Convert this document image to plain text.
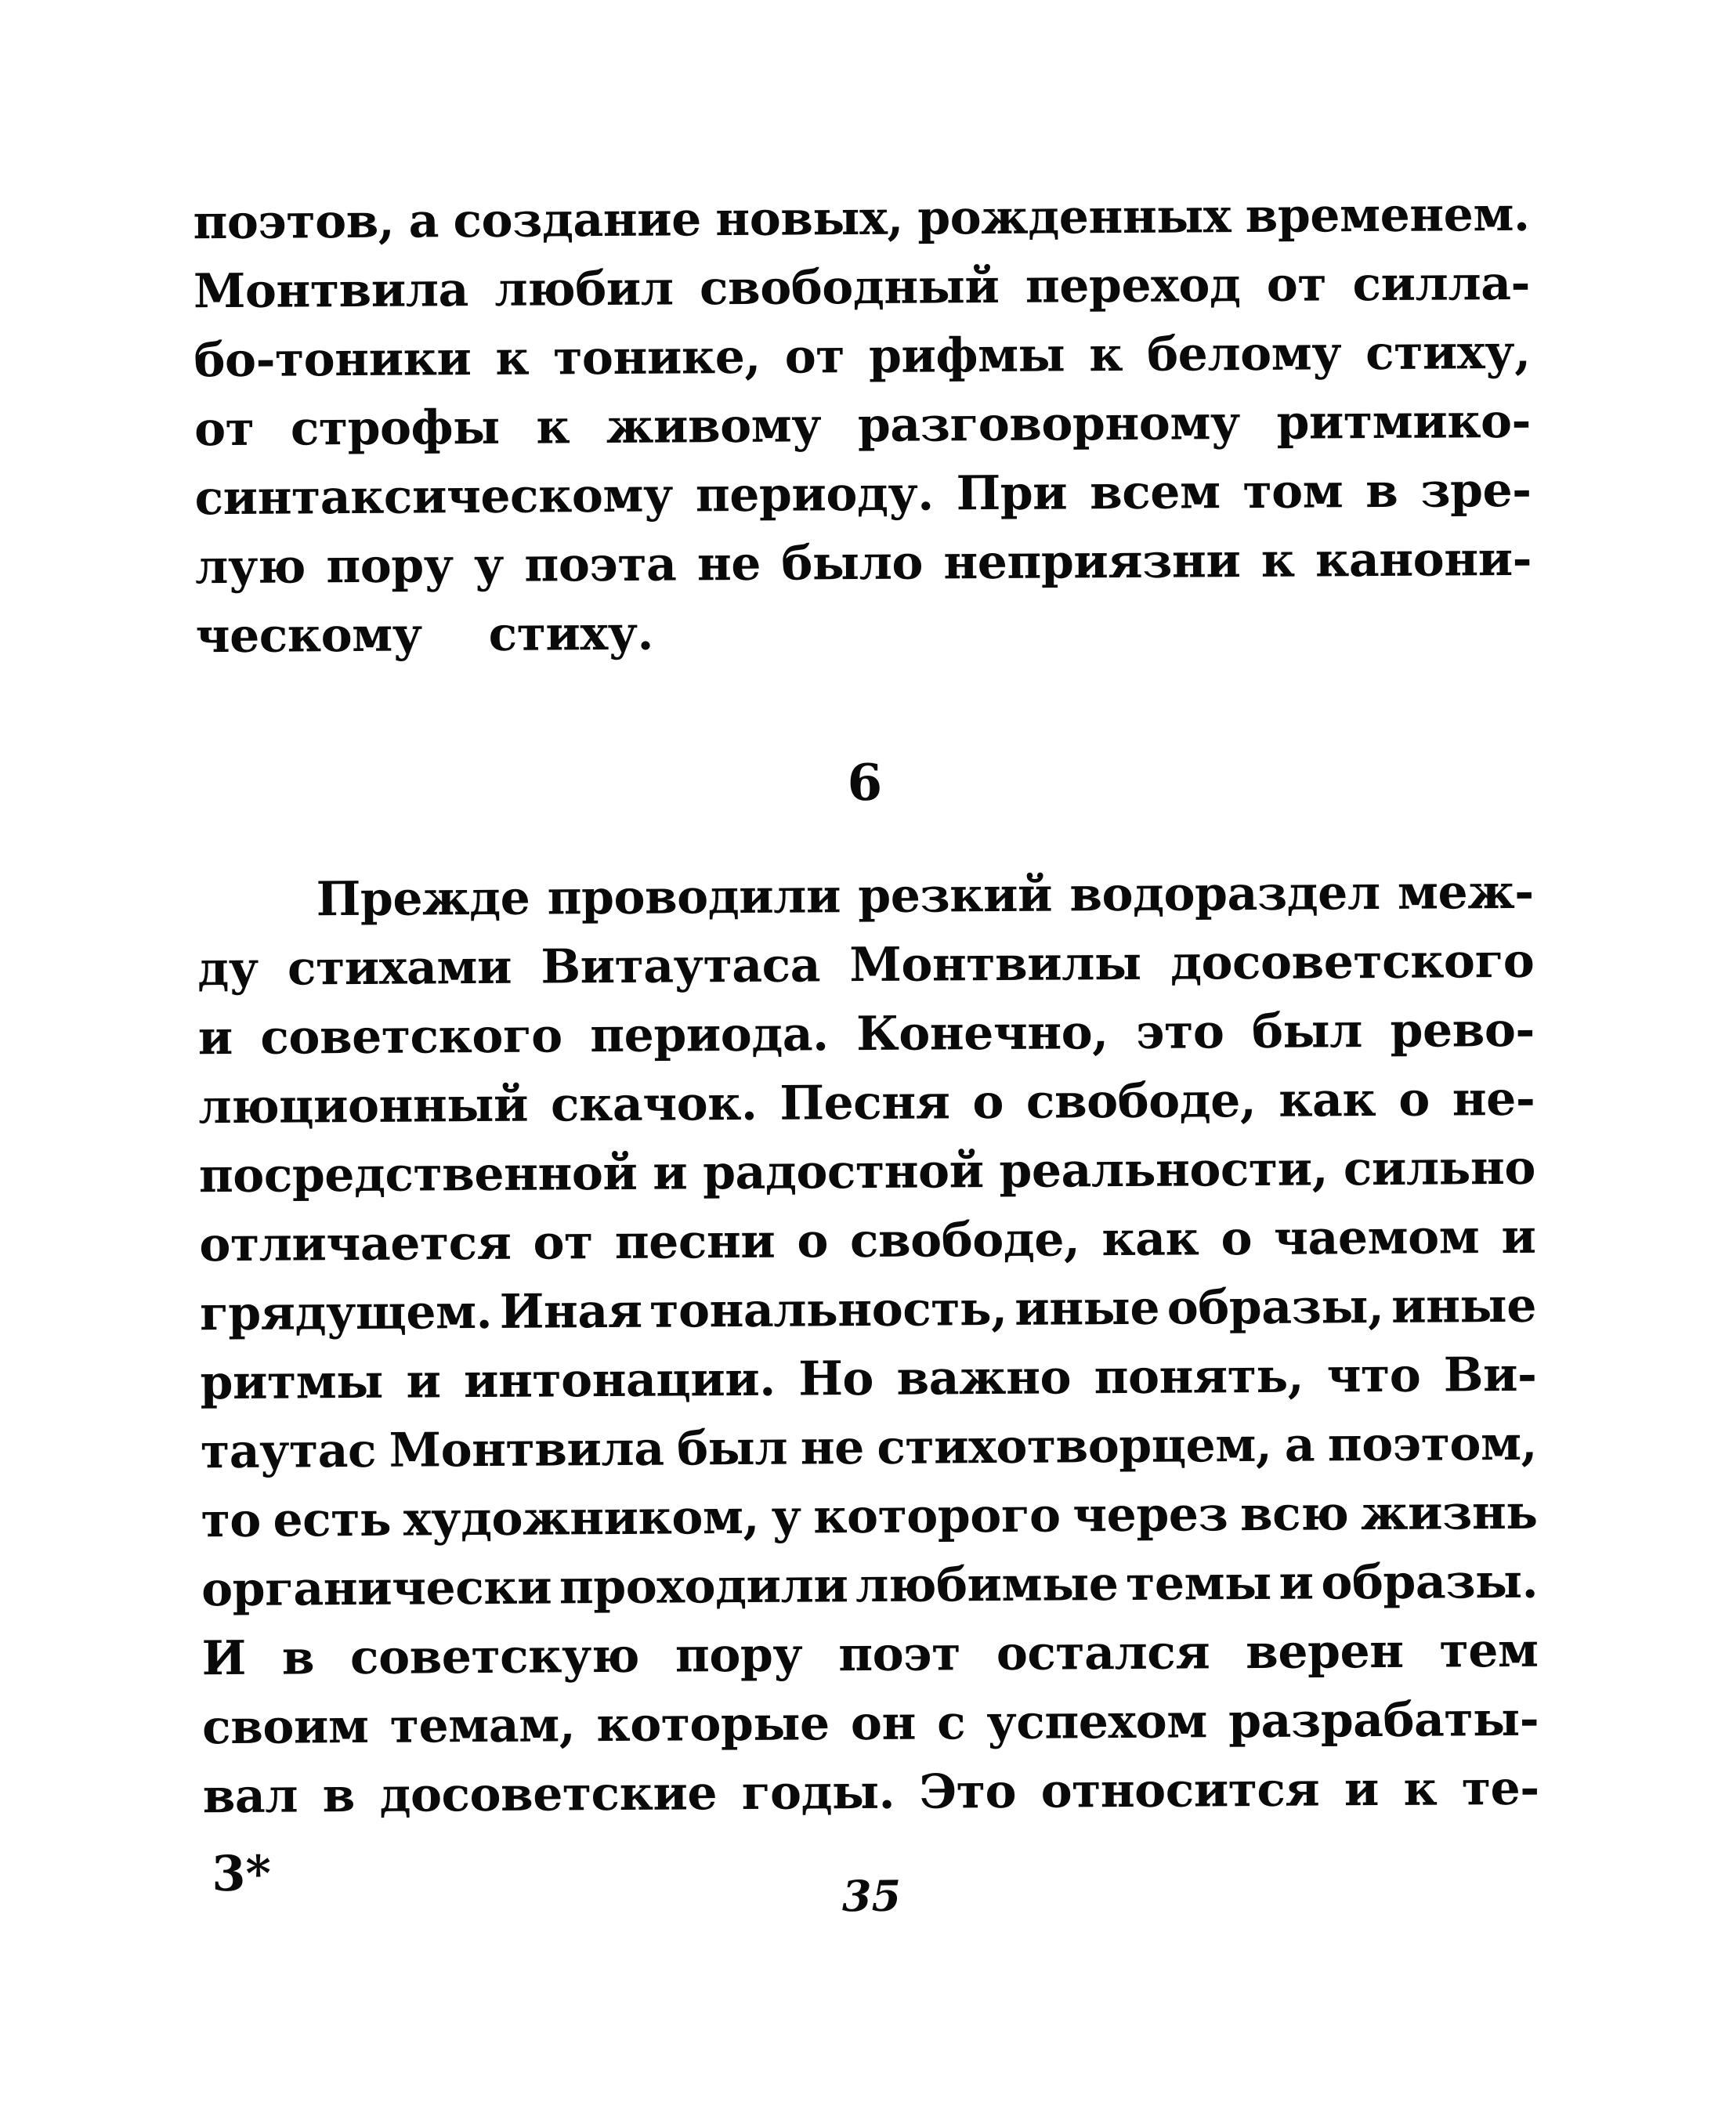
поэтов, а создание новых, рожденных временем.
Монтвила любил свободный переход от силла-
бо-тоники к тонике, от рифмы к белому стиху,
от строфы к живому разговорному ритмико-
синтаксическому периоду. При всем том в зре-
лую пору у поэта не было неприязни к канони-
ческому стиху.
6
Прежде проводили резкий водораздел меж-
ду стихами Витаутаса Монтвилы досоветского
и советского периода. Конечно, это был рево-
люционный скачок. Песня о свободе, как о не-
посредственной и радостной реальности, сильно
отличается от песни о свободе, как о чаемом и
грядущем. Иная тональность, иные образы, иные
ритмы и интонации. Но важно понять, что Ви-
таутас Монтвила был не стихотворцем, а поэтом,
то есть художником, у которого через всю жизнь
органически проходили любимые темы и образы.
И в советскую пору поэт остался верен тем
своим темам, которые он с успехом разрабаты-
вал в досоветские годы. Это относится и к те-
3*	35
